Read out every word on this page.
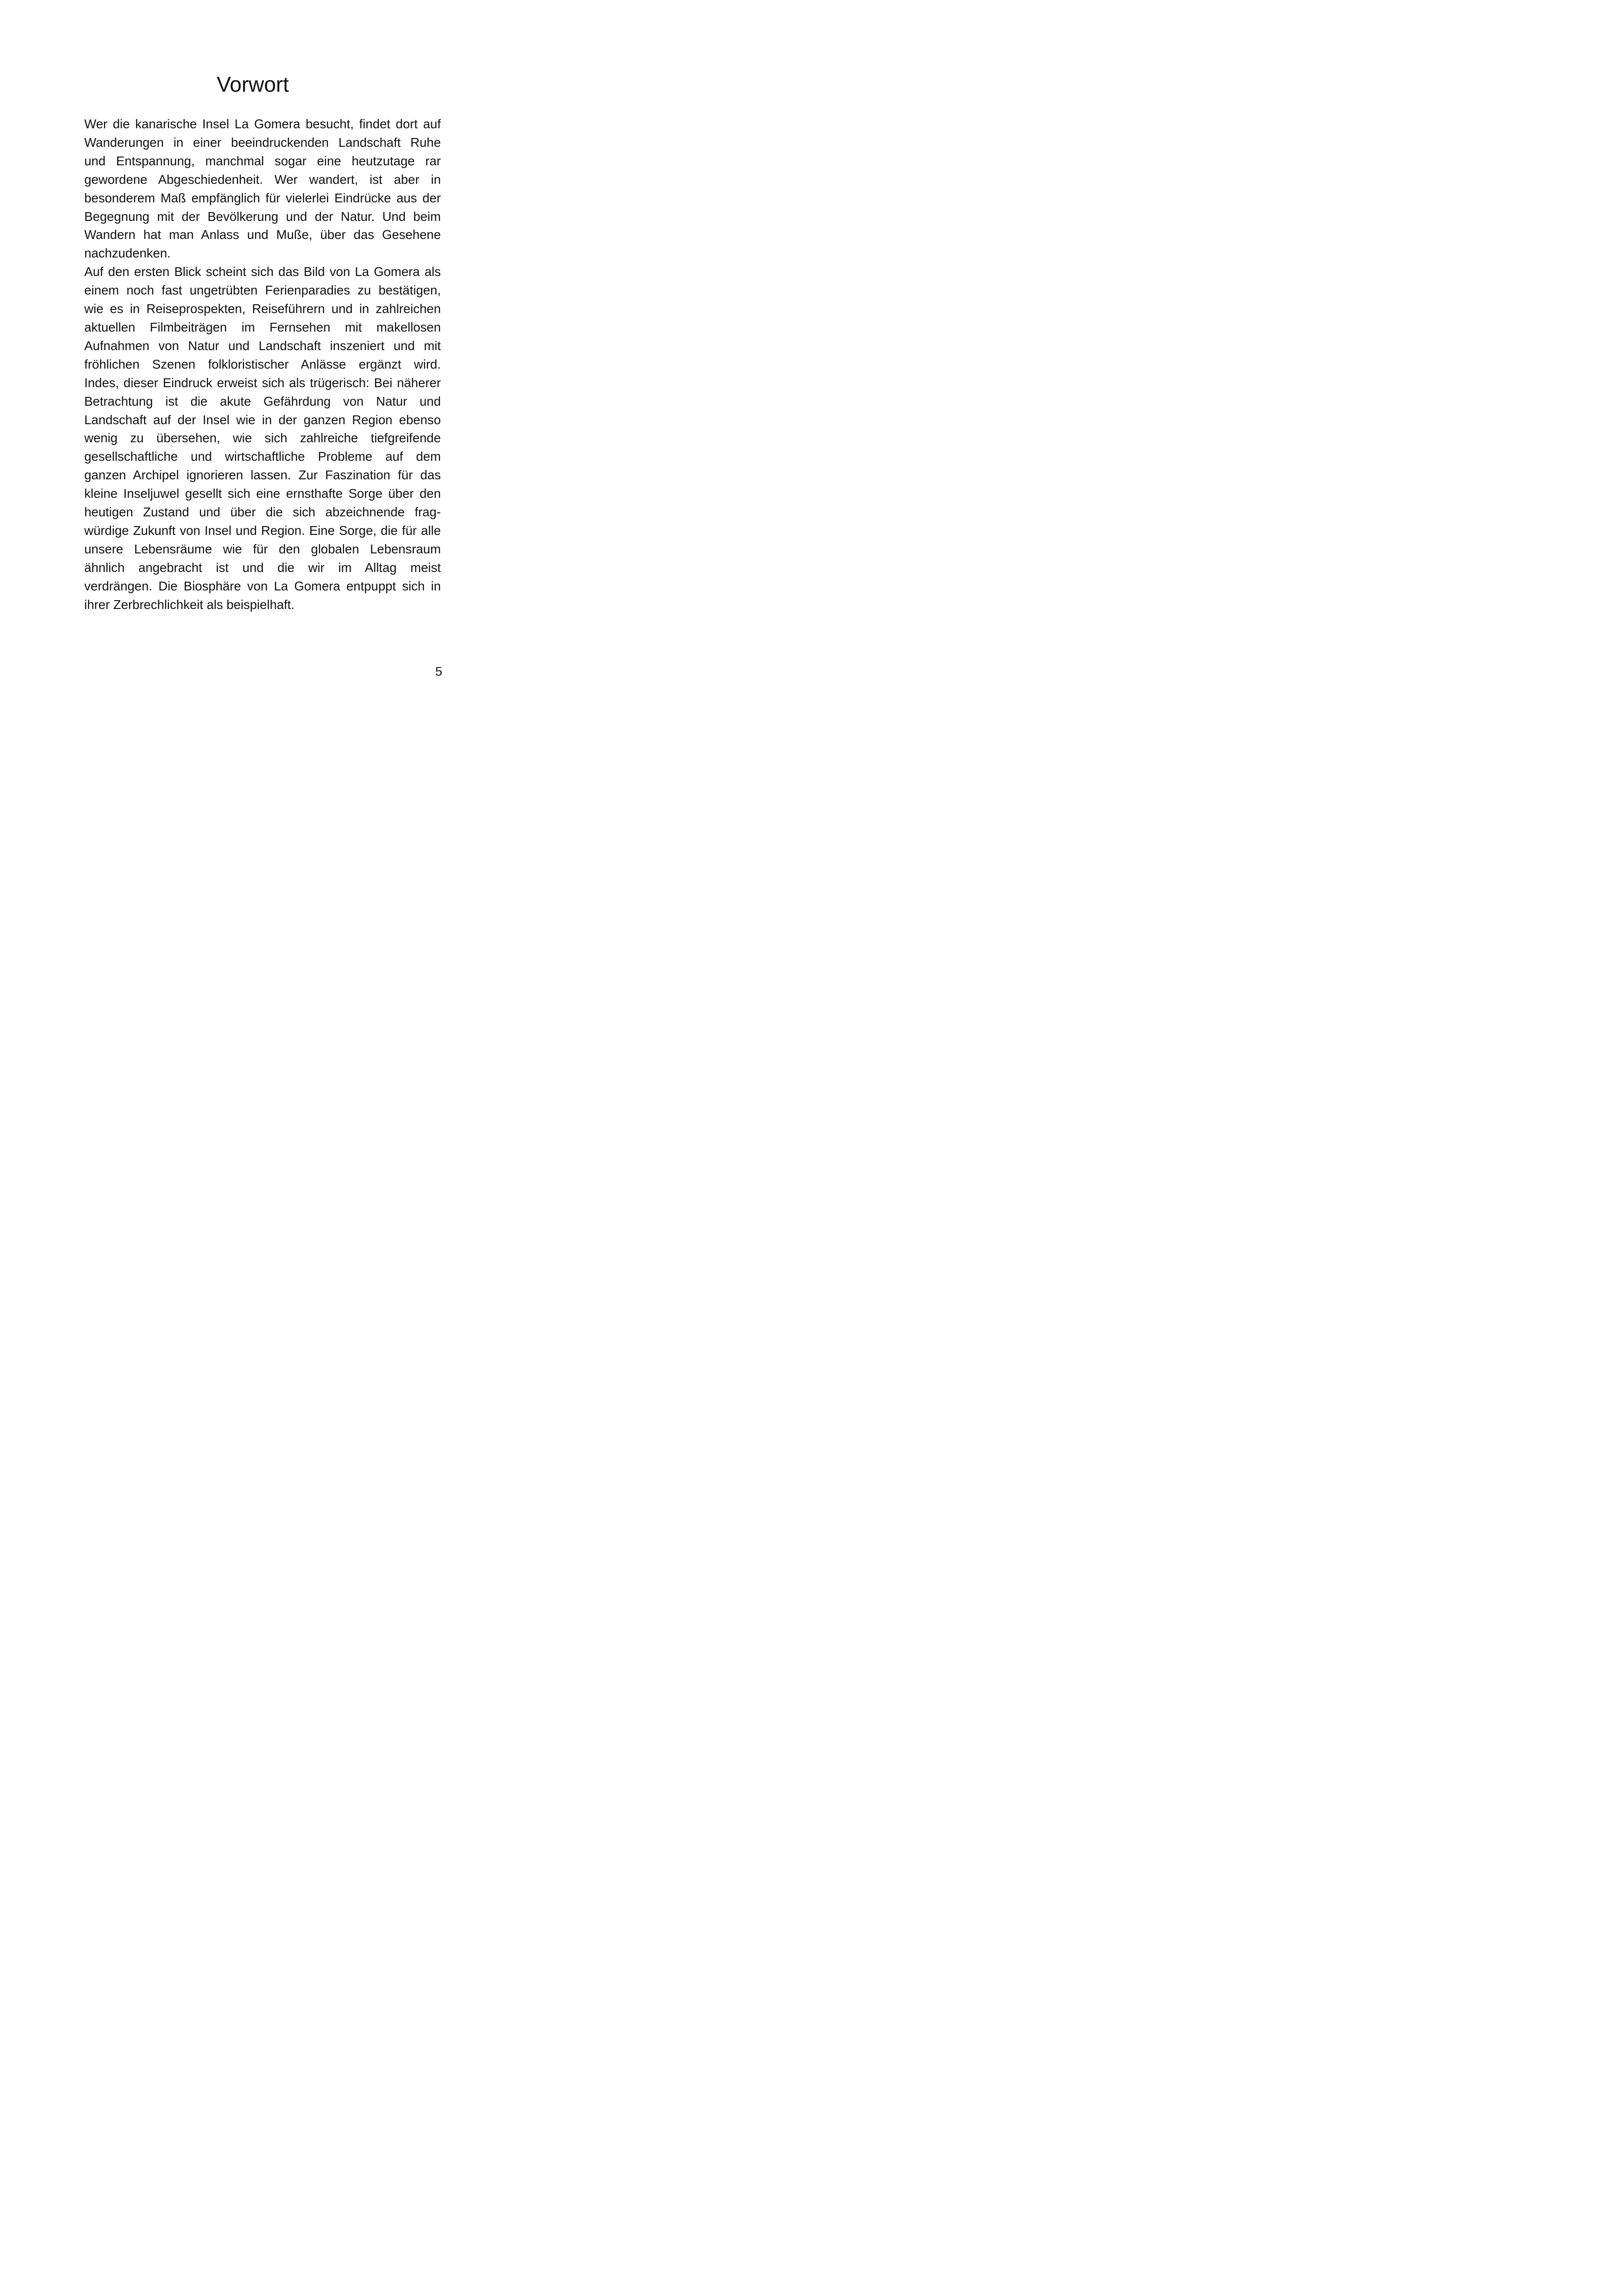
Vorwort
Wer die kanarische Insel La Gomera besucht, findet dort auf
Wanderungen in einer beeindruckenden Landschaft Ruhe
und Entspannung, manchmal sogar eine heutzutage rar
gewordene Abgeschiedenheit. Wer wandert, ist aber in
besonderem Maß empfänglich für vielerlei Eindrücke aus der
Begegnung mit der Bevölkerung und der Natur. Und beim
Wandern hat man Anlass und Muße, über das Gesehene
nachzudenken.
Auf den ersten Blick scheint sich das Bild von La Gomera als
einem noch fast ungetrübten Ferienparadies zu bestätigen,
wie es in Reiseprospekten, Reiseführern und in zahlreichen
aktuellen Filmbeiträgen im Fernsehen mit makellosen
Aufnahmen von Natur und Landschaft inszeniert und mit
fröhlichen Szenen folkloristischer Anlässe ergänzt wird.
Indes, dieser Eindruck erweist sich als trügerisch: Bei näherer
Betrachtung ist die akute Gefährdung von Natur und
Landschaft auf der Insel wie in der ganzen Region ebenso
wenig zu übersehen, wie sich zahlreiche tiefgreifende
gesellschaftliche und wirtschaftliche Probleme auf dem
ganzen Archipel ignorieren lassen. Zur Faszination für das
kleine Inseljuwel gesellt sich eine ernsthafte Sorge über den
heutigen Zustand und über die sich abzeichnende frag-
würdige Zukunft von Insel und Region. Eine Sorge, die für alle
unsere Lebensräume wie für den globalen Lebensraum
ähnlich angebracht ist und die wir im Alltag meist
verdrängen. Die Biosphäre von La Gomera entpuppt sich in
ihrer Zerbrechlichkeit als beispielhaft.
5
